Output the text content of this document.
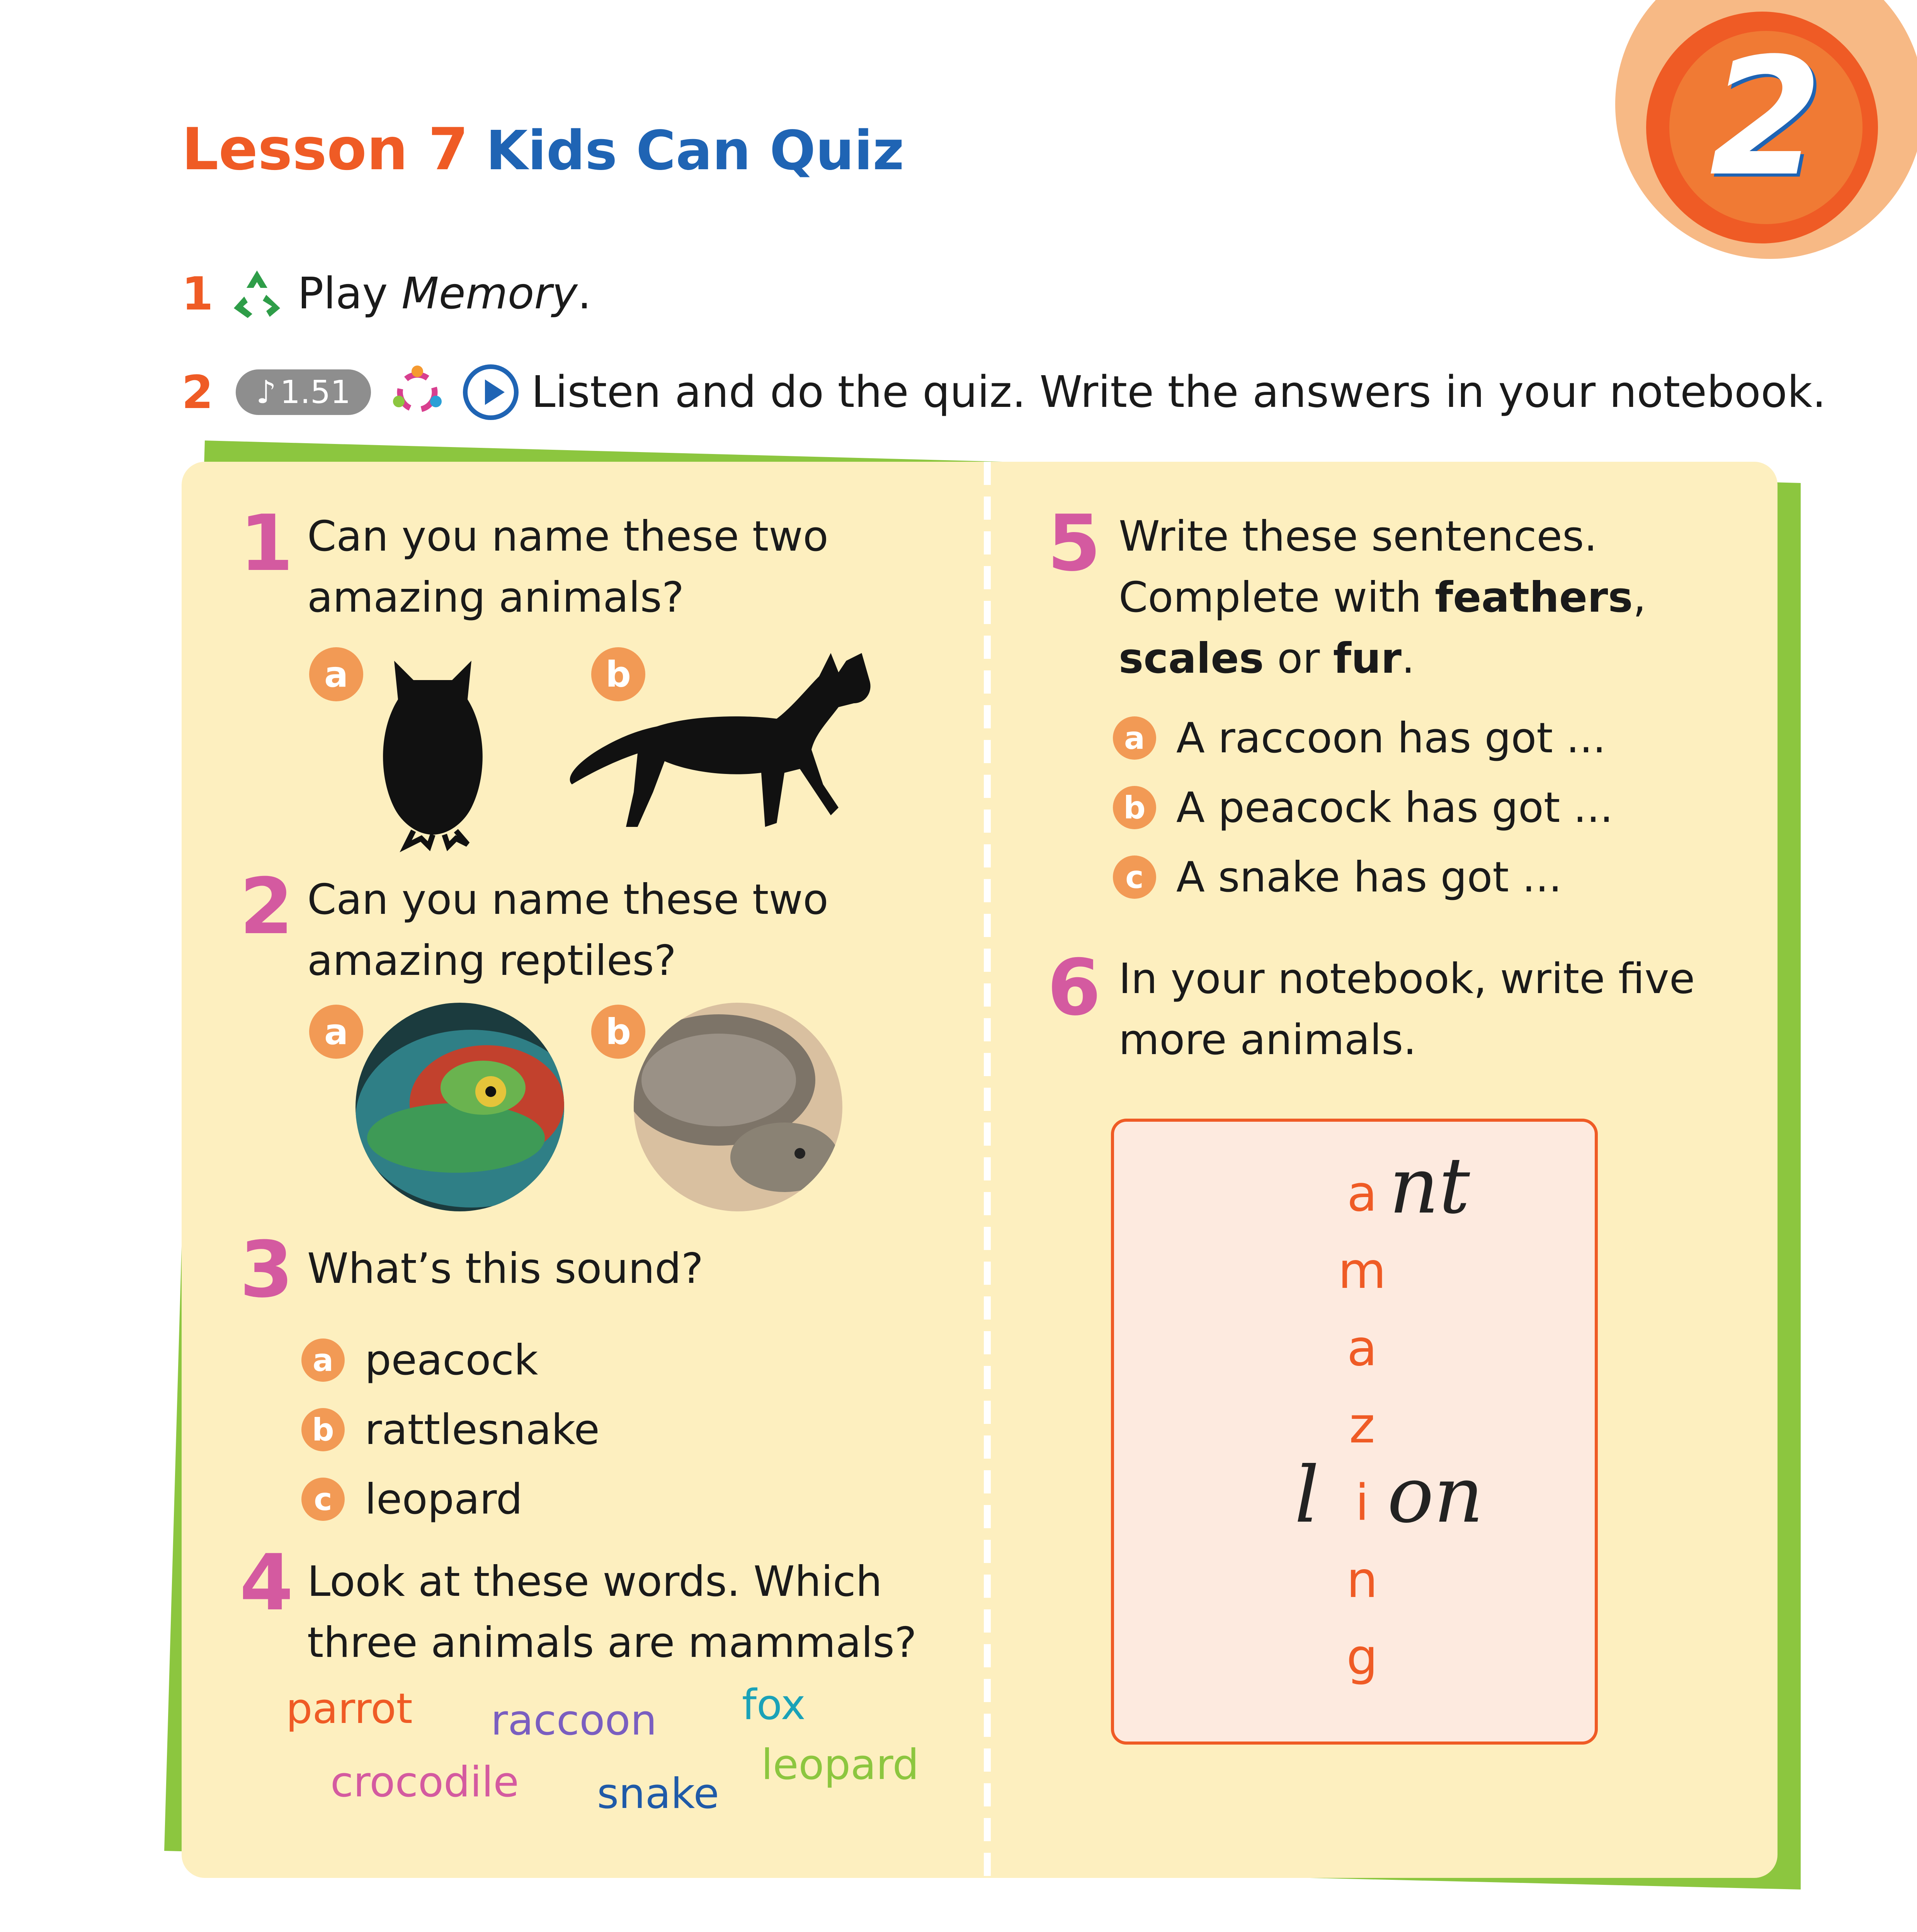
2
Lesson 7 Kids Can Quiz
1	Play Memory.
2	♪ 1.51	Listen and do the quiz. Write the answers in your notebook.
1 Can you name these two
amazing animals?
a	b
2 Can you name these two
amazing reptiles?
a	b
3 What’s this sound?
a peacock
b rattlesnake
c leopard
4 Look at these words. Which
three animals are mammals?
parrot raccoon fox
crocodile snake
leopard
5 Write these sentences.
Complete with feathers,
scales or fur.
a A raccoon has got ...
b A peacock has got ...
c A snake has got ...
6 In your notebook, write five
more animals.
a
m
a
z
i
n
g
nt
l on
